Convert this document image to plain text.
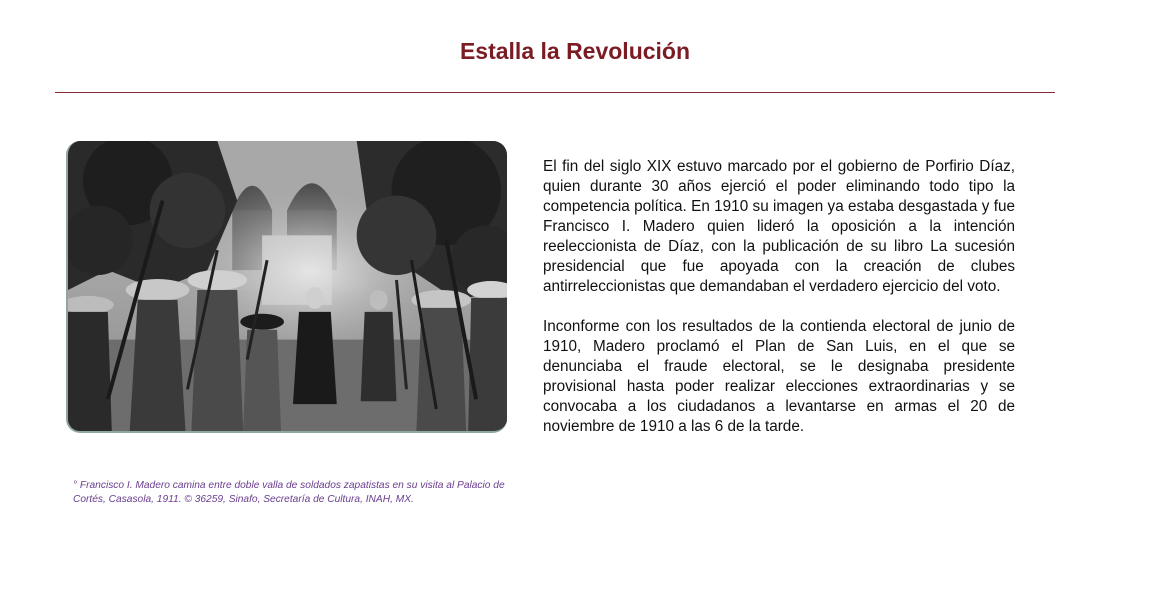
Estalla la Revolución

° Francisco I. Madero camina entre doble valla de soldados zapatistas en su visita al Palacio de Cortés, Casasola, 1911. © 36259, Sinafo, Secretaría de Cultura, INAH, MX.

El fin del siglo XIX estuvo marcado por el gobierno de Porfirio Díaz, quien durante 30 años ejerció el poder eliminando todo tipo la competencia política. En 1910 su imagen ya estaba desgastada y fue Francisco I. Madero quien lideró la oposición a la intención reeleccionista de Díaz, con la publicación de su libro La sucesión presidencial que fue apoyada con la creación de clubes antirreleccionistas que demandaban el verdadero ejercicio del voto.

Inconforme con los resultados de la contienda electoral de junio de 1910, Madero proclamó el Plan de San Luis, en el que se denunciaba el fraude electoral, se le designaba presidente provisional hasta poder realizar elecciones extraordinarias y se convocaba a los ciudadanos a levantarse en armas el 20 de noviembre de 1910 a las 6 de la tarde.
